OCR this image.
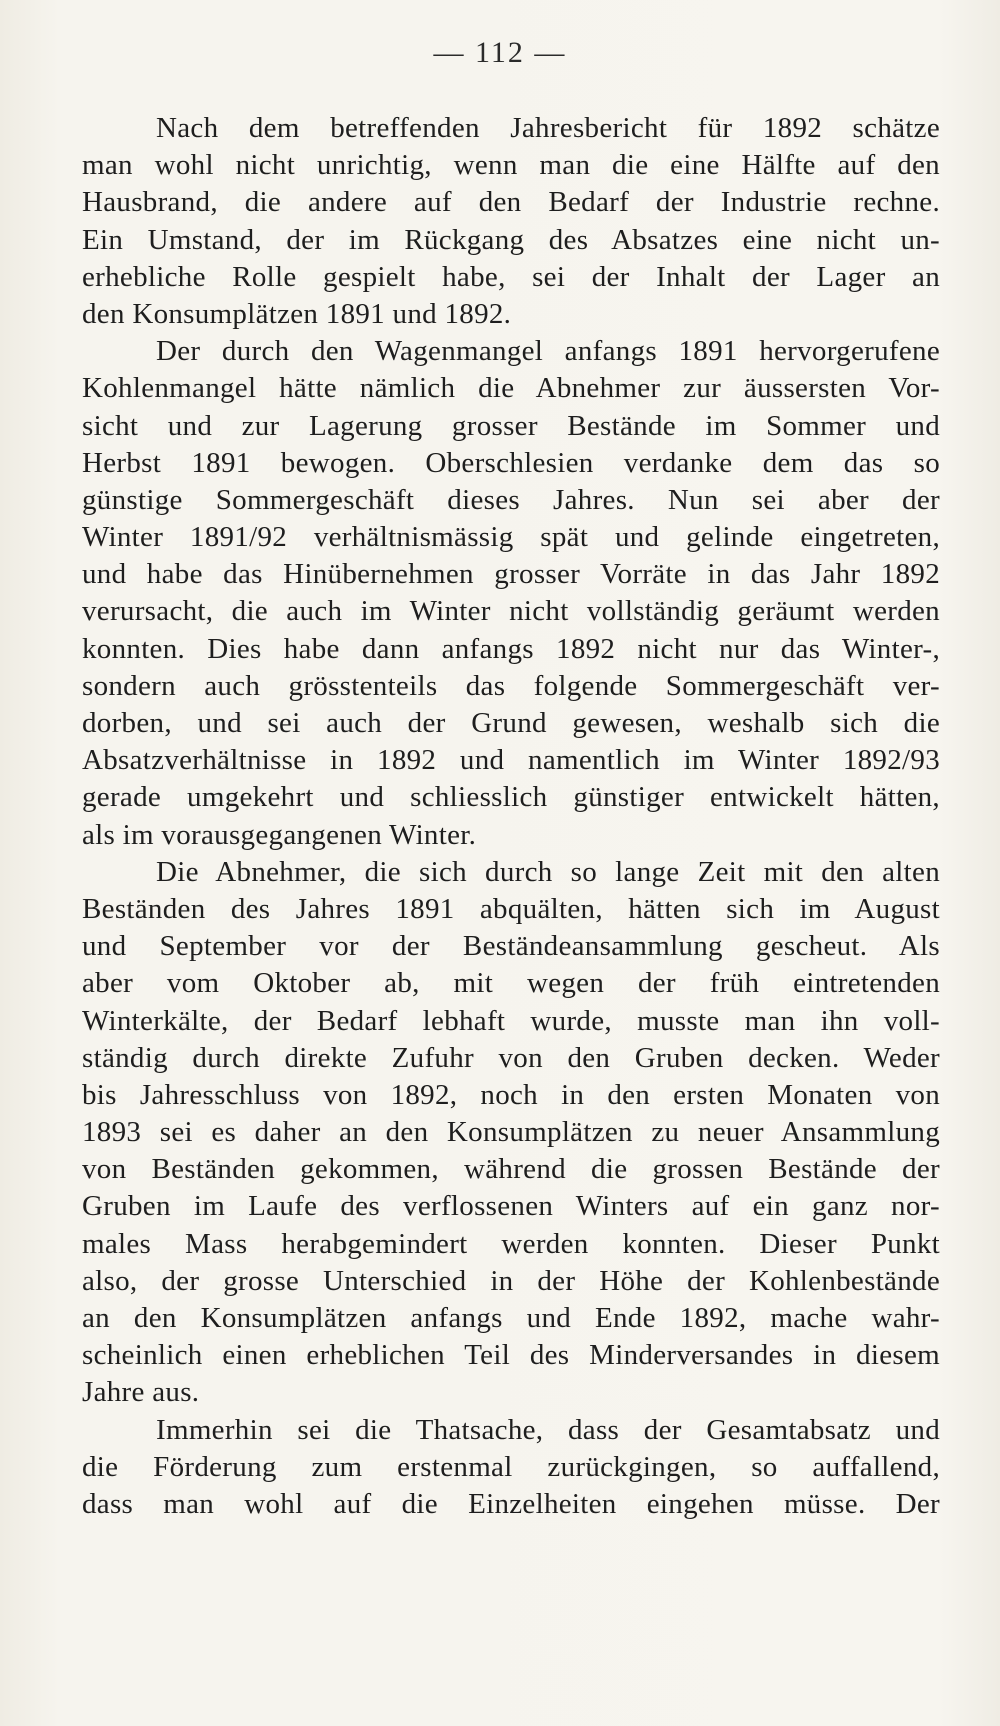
— 112 —
Nach dem betreffenden Jahresbericht für 1892 schätze
man wohl nicht unrichtig, wenn man die eine Hälfte auf den
Hausbrand, die andere auf den Bedarf der Industrie rechne.
Ein Umstand, der im Rückgang des Absatzes eine nicht un-
erhebliche Rolle gespielt habe, sei der Inhalt der Lager an
den Konsumplätzen 1891 und 1892.
Der durch den Wagenmangel anfangs 1891 hervorgerufene
Kohlenmangel hätte nämlich die Abnehmer zur äussersten Vor-
sicht und zur Lagerung grosser Bestände im Sommer und
Herbst 1891 bewogen. Oberschlesien verdanke dem das so
günstige Sommergeschäft dieses Jahres. Nun sei aber der
Winter 1891/92 verhältnismässig spät und gelinde eingetreten,
und habe das Hinübernehmen grosser Vorräte in das Jahr 1892
verursacht, die auch im Winter nicht vollständig geräumt werden
konnten. Dies habe dann anfangs 1892 nicht nur das Winter-,
sondern auch grösstenteils das folgende Sommergeschäft ver-
dorben, und sei auch der Grund gewesen, weshalb sich die
Absatzverhältnisse in 1892 und namentlich im Winter 1892/93
gerade umgekehrt und schliesslich günstiger entwickelt hätten,
als im vorausgegangenen Winter.
Die Abnehmer, die sich durch so lange Zeit mit den alten
Beständen des Jahres 1891 abquälten, hätten sich im August
und September vor der Beständeansammlung gescheut. Als
aber vom Oktober ab, mit wegen der früh eintretenden
Winterkälte, der Bedarf lebhaft wurde, musste man ihn voll-
ständig durch direkte Zufuhr von den Gruben decken. Weder
bis Jahresschluss von 1892, noch in den ersten Monaten von
1893 sei es daher an den Konsumplätzen zu neuer Ansammlung
von Beständen gekommen, während die grossen Bestände der
Gruben im Laufe des verflossenen Winters auf ein ganz nor-
males Mass herabgemindert werden konnten. Dieser Punkt
also, der grosse Unterschied in der Höhe der Kohlenbestände
an den Konsumplätzen anfangs und Ende 1892, mache wahr-
scheinlich einen erheblichen Teil des Minderversandes in diesem
Jahre aus.
Immerhin sei die Thatsache, dass der Gesamtabsatz und
die Förderung zum erstenmal zurückgingen, so auffallend,
dass man wohl auf die Einzelheiten eingehen müsse. Der
